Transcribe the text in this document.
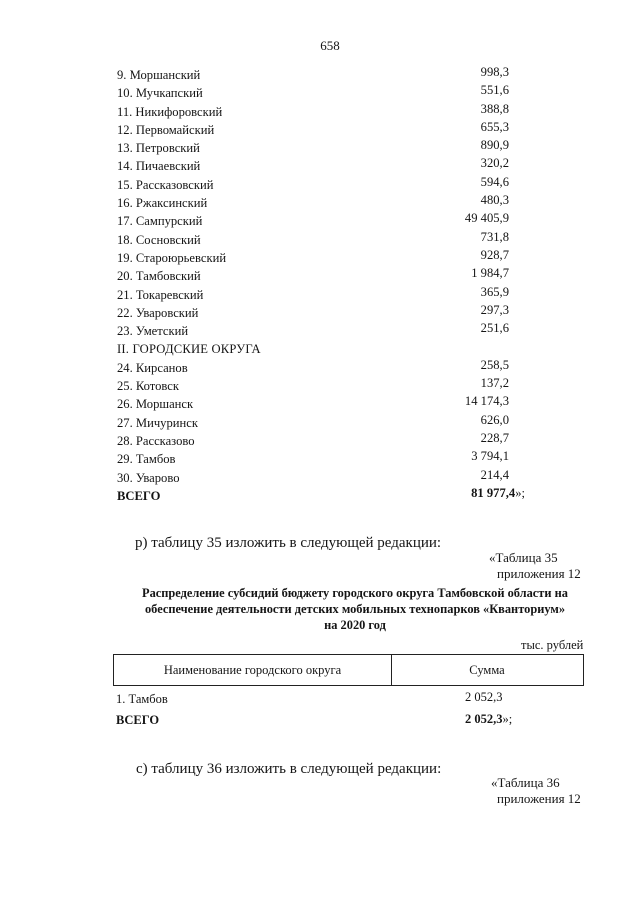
658
9. Моршанский	998,3
10. Мучкапский	551,6
11. Никифоровский	388,8
12. Первомайский	655,3
13. Петровский	890,9
14. Пичаевский	320,2
15. Рассказовский	594,6
16. Ржаксинский	480,3
17. Сампурский	49 405,9
18. Сосновский	731,8
19. Староюрьевский	928,7
20. Тамбовский	1 984,7
21. Токаревский	365,9
22. Уваровский	297,3
23. Уметский	251,6
II. ГОРОДСКИЕ ОКРУГА
24. Кирсанов	258,5
25. Котовск	137,2
26. Моршанск	14 174,3
27. Мичуринск	626,0
28. Рассказово	228,7
29. Тамбов	3 794,1
30. Уварово	214,4
ВСЕГО	81 977,4»;
р) таблицу 35 изложить в следующей редакции:
«Таблица 35
приложения 12
Распределение субсидий бюджету городского округа Тамбовской области на
обеспечение деятельности детских мобильных технопарков «Кванториум»
на 2020 год
тыс. рублей
Наименование городского округа	Сумма
1. Тамбов	2 052,3
ВСЕГО	2 052,3»;
с) таблицу 36 изложить в следующей редакции:
«Таблица 36
приложения 12
